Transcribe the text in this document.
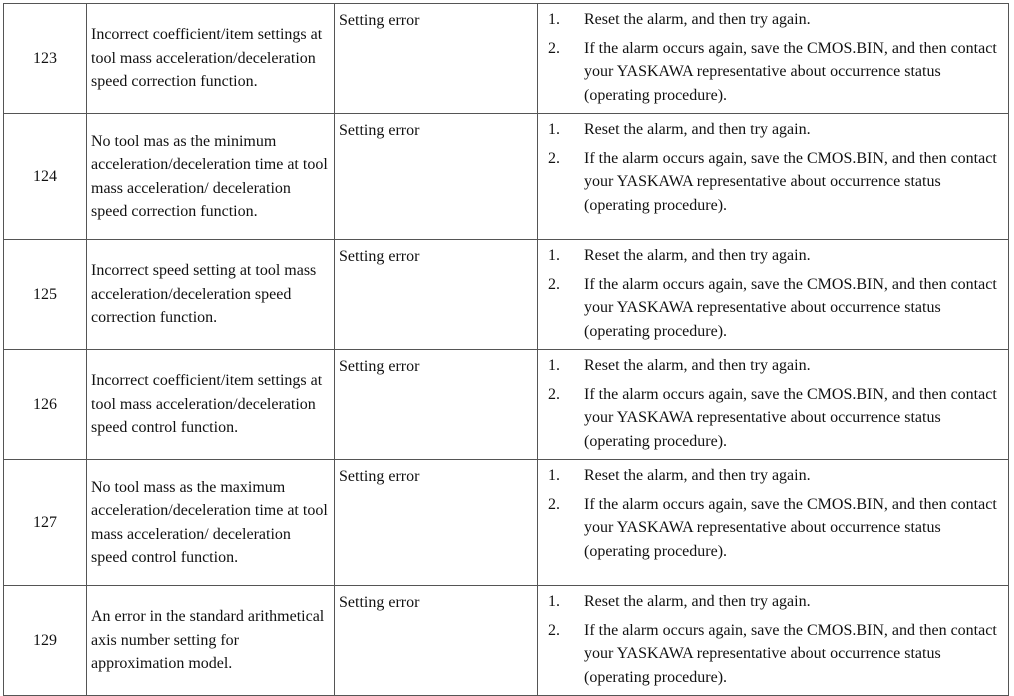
123	Incorrect coefficient/item settings at tool mass acceleration/deceleration speed correction function.	Setting error	1. Reset the alarm, and then try again.
2. If the alarm occurs again, save the CMOS.BIN, and then contact your YASKAWA representative about occurrence status (operating procedure).

124	No tool mas as the minimum acceleration/deceleration time at tool mass acceleration/ deceleration speed correction function.	Setting error	1. Reset the alarm, and then try again.
2. If the alarm occurs again, save the CMOS.BIN, and then contact your YASKAWA representative about occurrence status (operating procedure).

125	Incorrect speed setting at tool mass acceleration/deceleration speed correction function.	Setting error	1. Reset the alarm, and then try again.
2. If the alarm occurs again, save the CMOS.BIN, and then contact your YASKAWA representative about occurrence status (operating procedure).

126	Incorrect coefficient/item settings at tool mass acceleration/deceleration speed control function.	Setting error	1. Reset the alarm, and then try again.
2. If the alarm occurs again, save the CMOS.BIN, and then contact your YASKAWA representative about occurrence status (operating procedure).

127	No tool mass as the maximum acceleration/deceleration time at tool mass acceleration/ deceleration speed control function.	Setting error	1. Reset the alarm, and then try again.
2. If the alarm occurs again, save the CMOS.BIN, and then contact your YASKAWA representative about occurrence status (operating procedure).

129	An error in the standard arithmetical axis number setting for approximation model.	Setting error	1. Reset the alarm, and then try again.
2. If the alarm occurs again, save the CMOS.BIN, and then contact your YASKAWA representative about occurrence status (operating procedure).
